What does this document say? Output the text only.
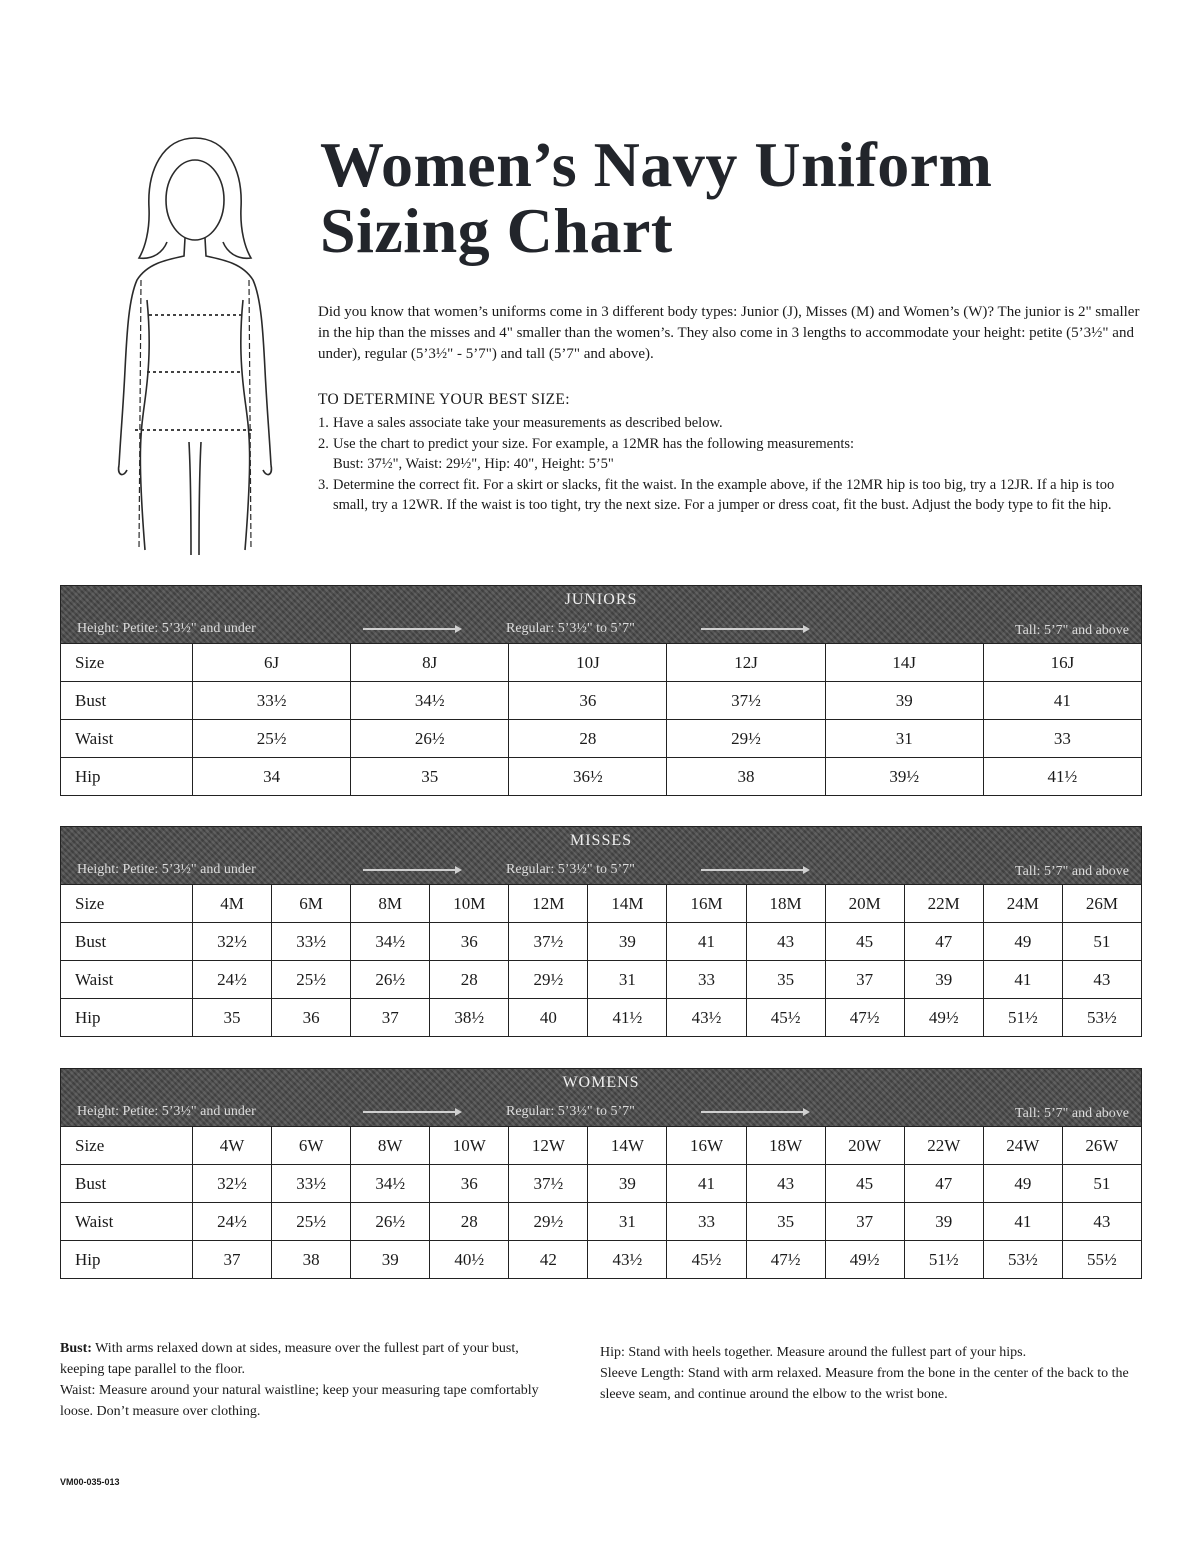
Women’s Navy Uniform
Sizing Chart

Did you know that women’s uniforms come in 3 different body types: Junior (J), Misses (M) and Women’s (W)? The junior is 2" smaller in the hip than the misses and 4" smaller than the women’s. They also come in 3 lengths to accommodate your height: petite (5’3½" and under), regular (5’3½" - 5’7") and tall (5’7" and above).

TO DETERMINE YOUR BEST SIZE:
1. Have a sales associate take your measurements as described below.
2. Use the chart to predict your size. For example, a 12MR has the following measurements:
Bust: 37½", Waist: 29½", Hip: 40", Height: 5’5"
3. Determine the correct fit. For a skirt or slacks, fit the waist. In the example above, if the 12MR hip is too big, try a 12JR. If a hip is too small, try a 12WR. If the waist is too tight, try the next size. For a jumper or dress coat, fit the bust. Adjust the body type to fit the hip.
JUNIORS
Height: Petite: 5’3½" and under Regular: 5’3½" to 5’7" Tall: 5’7" and above						

Size	6J	8J	10J	12J	14J	16J
Bust	33½	34½	36	37½	39	41
Waist	25½	26½	28	29½	31	33
Hip	34	35	36½	38	39½	41½
MISSES
Height: Petite: 5’3½" and under Regular: 5’3½" to 5’7" Tall: 5’7" and above												

Size	4M	6M	8M	10M	12M	14M	16M	18M	20M	22M	24M	26M
Bust	32½	33½	34½	36	37½	39	41	43	45	47	49	51
Waist	24½	25½	26½	28	29½	31	33	35	37	39	41	43
Hip	35	36	37	38½	40	41½	43½	45½	47½	49½	51½	53½
WOMENS
Height: Petite: 5’3½" and under Regular: 5’3½" to 5’7" Tall: 5’7" and above												

Size	4W	6W	8W	10W	12W	14W	16W	18W	20W	22W	24W	26W
Bust	32½	33½	34½	36	37½	39	41	43	45	47	49	51
Waist	24½	25½	26½	28	29½	31	33	35	37	39	41	43
Hip	37	38	39	40½	42	43½	45½	47½	49½	51½	53½	55½

Bust: With arms relaxed down at sides, measure over the fullest part of your bust, keeping tape parallel to the floor.

Waist: Measure around your natural waistline; keep your measuring tape comfortably loose. Don’t measure over clothing.

Hip: Stand with heels together. Measure around the fullest part of your hips.

Sleeve Length: Stand with arm relaxed. Measure from the bone in the center of the back to the sleeve seam, and continue around the elbow to the wrist bone.

VM00-035-013
